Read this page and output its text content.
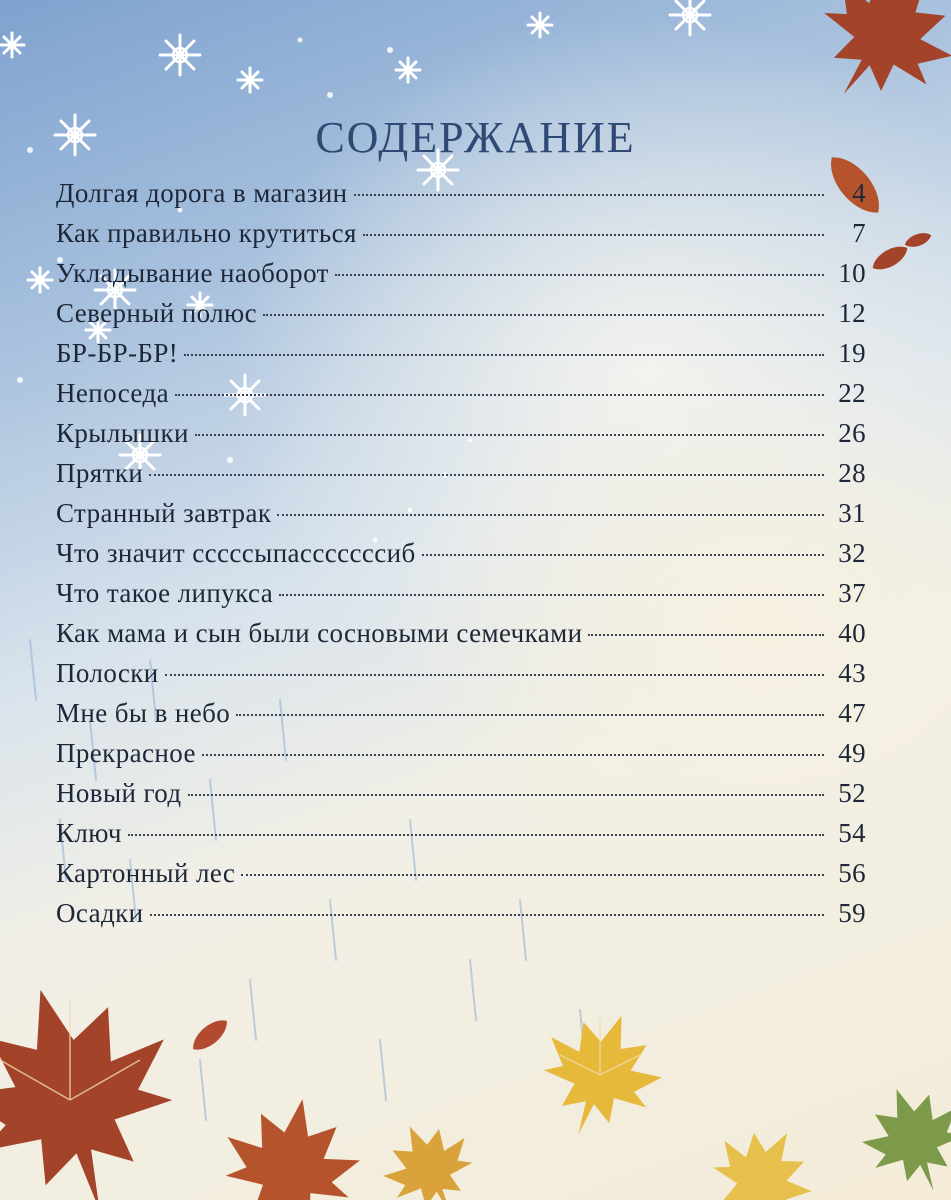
СОДЕРЖАНИЕ
Долгая дорога в магазин	4
Как правильно крутиться	7
Укладывание наоборот	10
Северный полюс	12
БР-БР-БР!	19
Непоседа	22
Крылышки	26
Прятки	28
Странный завтрак	31
Что значит ссссcыпасссссссиб	32
Что такое липукса	37
Как мама и сын были сосновыми семечками	40
Полоски	43
Мне бы в небо	47
Прекрасное	49
Новый год	52
Ключ	54
Картонный лес	56
Осадки	59
